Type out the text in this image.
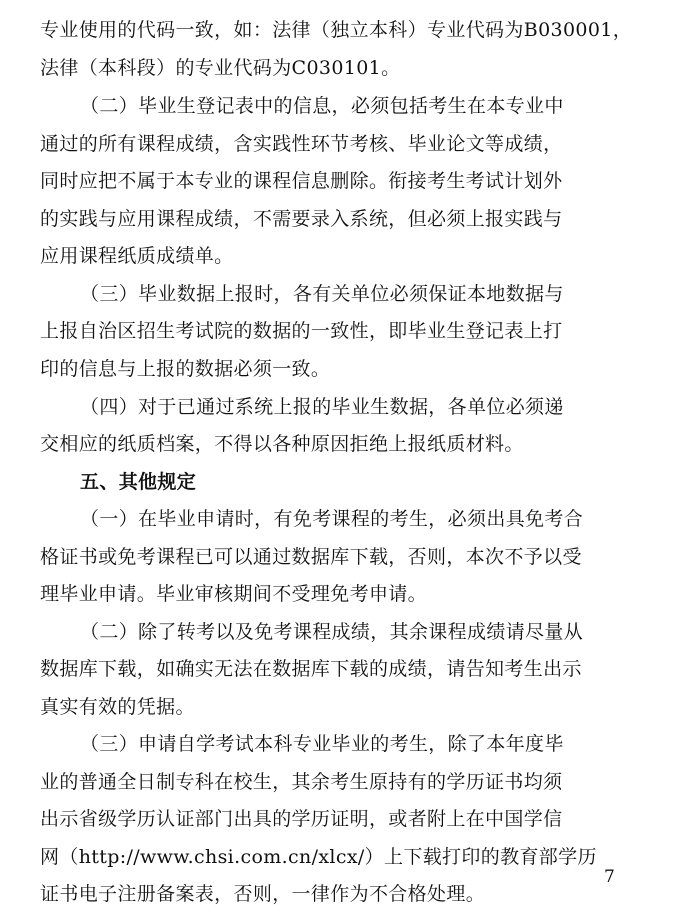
专业使用的代码一致，如：法律（独立本科）专业代码为B030001，
法律（本科段）的专业代码为C030101。
（二）毕业生登记表中的信息，必须包括考生在本专业中
通过的所有课程成绩，含实践性环节考核、毕业论文等成绩，
同时应把不属于本专业的课程信息删除。衔接考生考试计划外
的实践与应用课程成绩，不需要录入系统，但必须上报实践与
应用课程纸质成绩单。
（三）毕业数据上报时，各有关单位必须保证本地数据与
上报自治区招生考试院的数据的一致性，即毕业生登记表上打
印的信息与上报的数据必须一致。
（四）对于已通过系统上报的毕业生数据，各单位必须递
交相应的纸质档案，不得以各种原因拒绝上报纸质材料。
五、其他规定
（一）在毕业申请时，有免考课程的考生，必须出具免考合
格证书或免考课程已可以通过数据库下载，否则，本次不予以受
理毕业申请。毕业审核期间不受理免考申请。
（二）除了转考以及免考课程成绩，其余课程成绩请尽量从
数据库下载，如确实无法在数据库下载的成绩，请告知考生出示
真实有效的凭据。
（三）申请自学考试本科专业毕业的考生，除了本年度毕
业的普通全日制专科在校生，其余考生原持有的学历证书均须
出示省级学历认证部门出具的学历证明，或者附上在中国学信
网（http://www.chsi.com.cn/xlcx/）上下载打印的教育部学历
证书电子注册备案表，否则，一律作为不合格处理。
7
